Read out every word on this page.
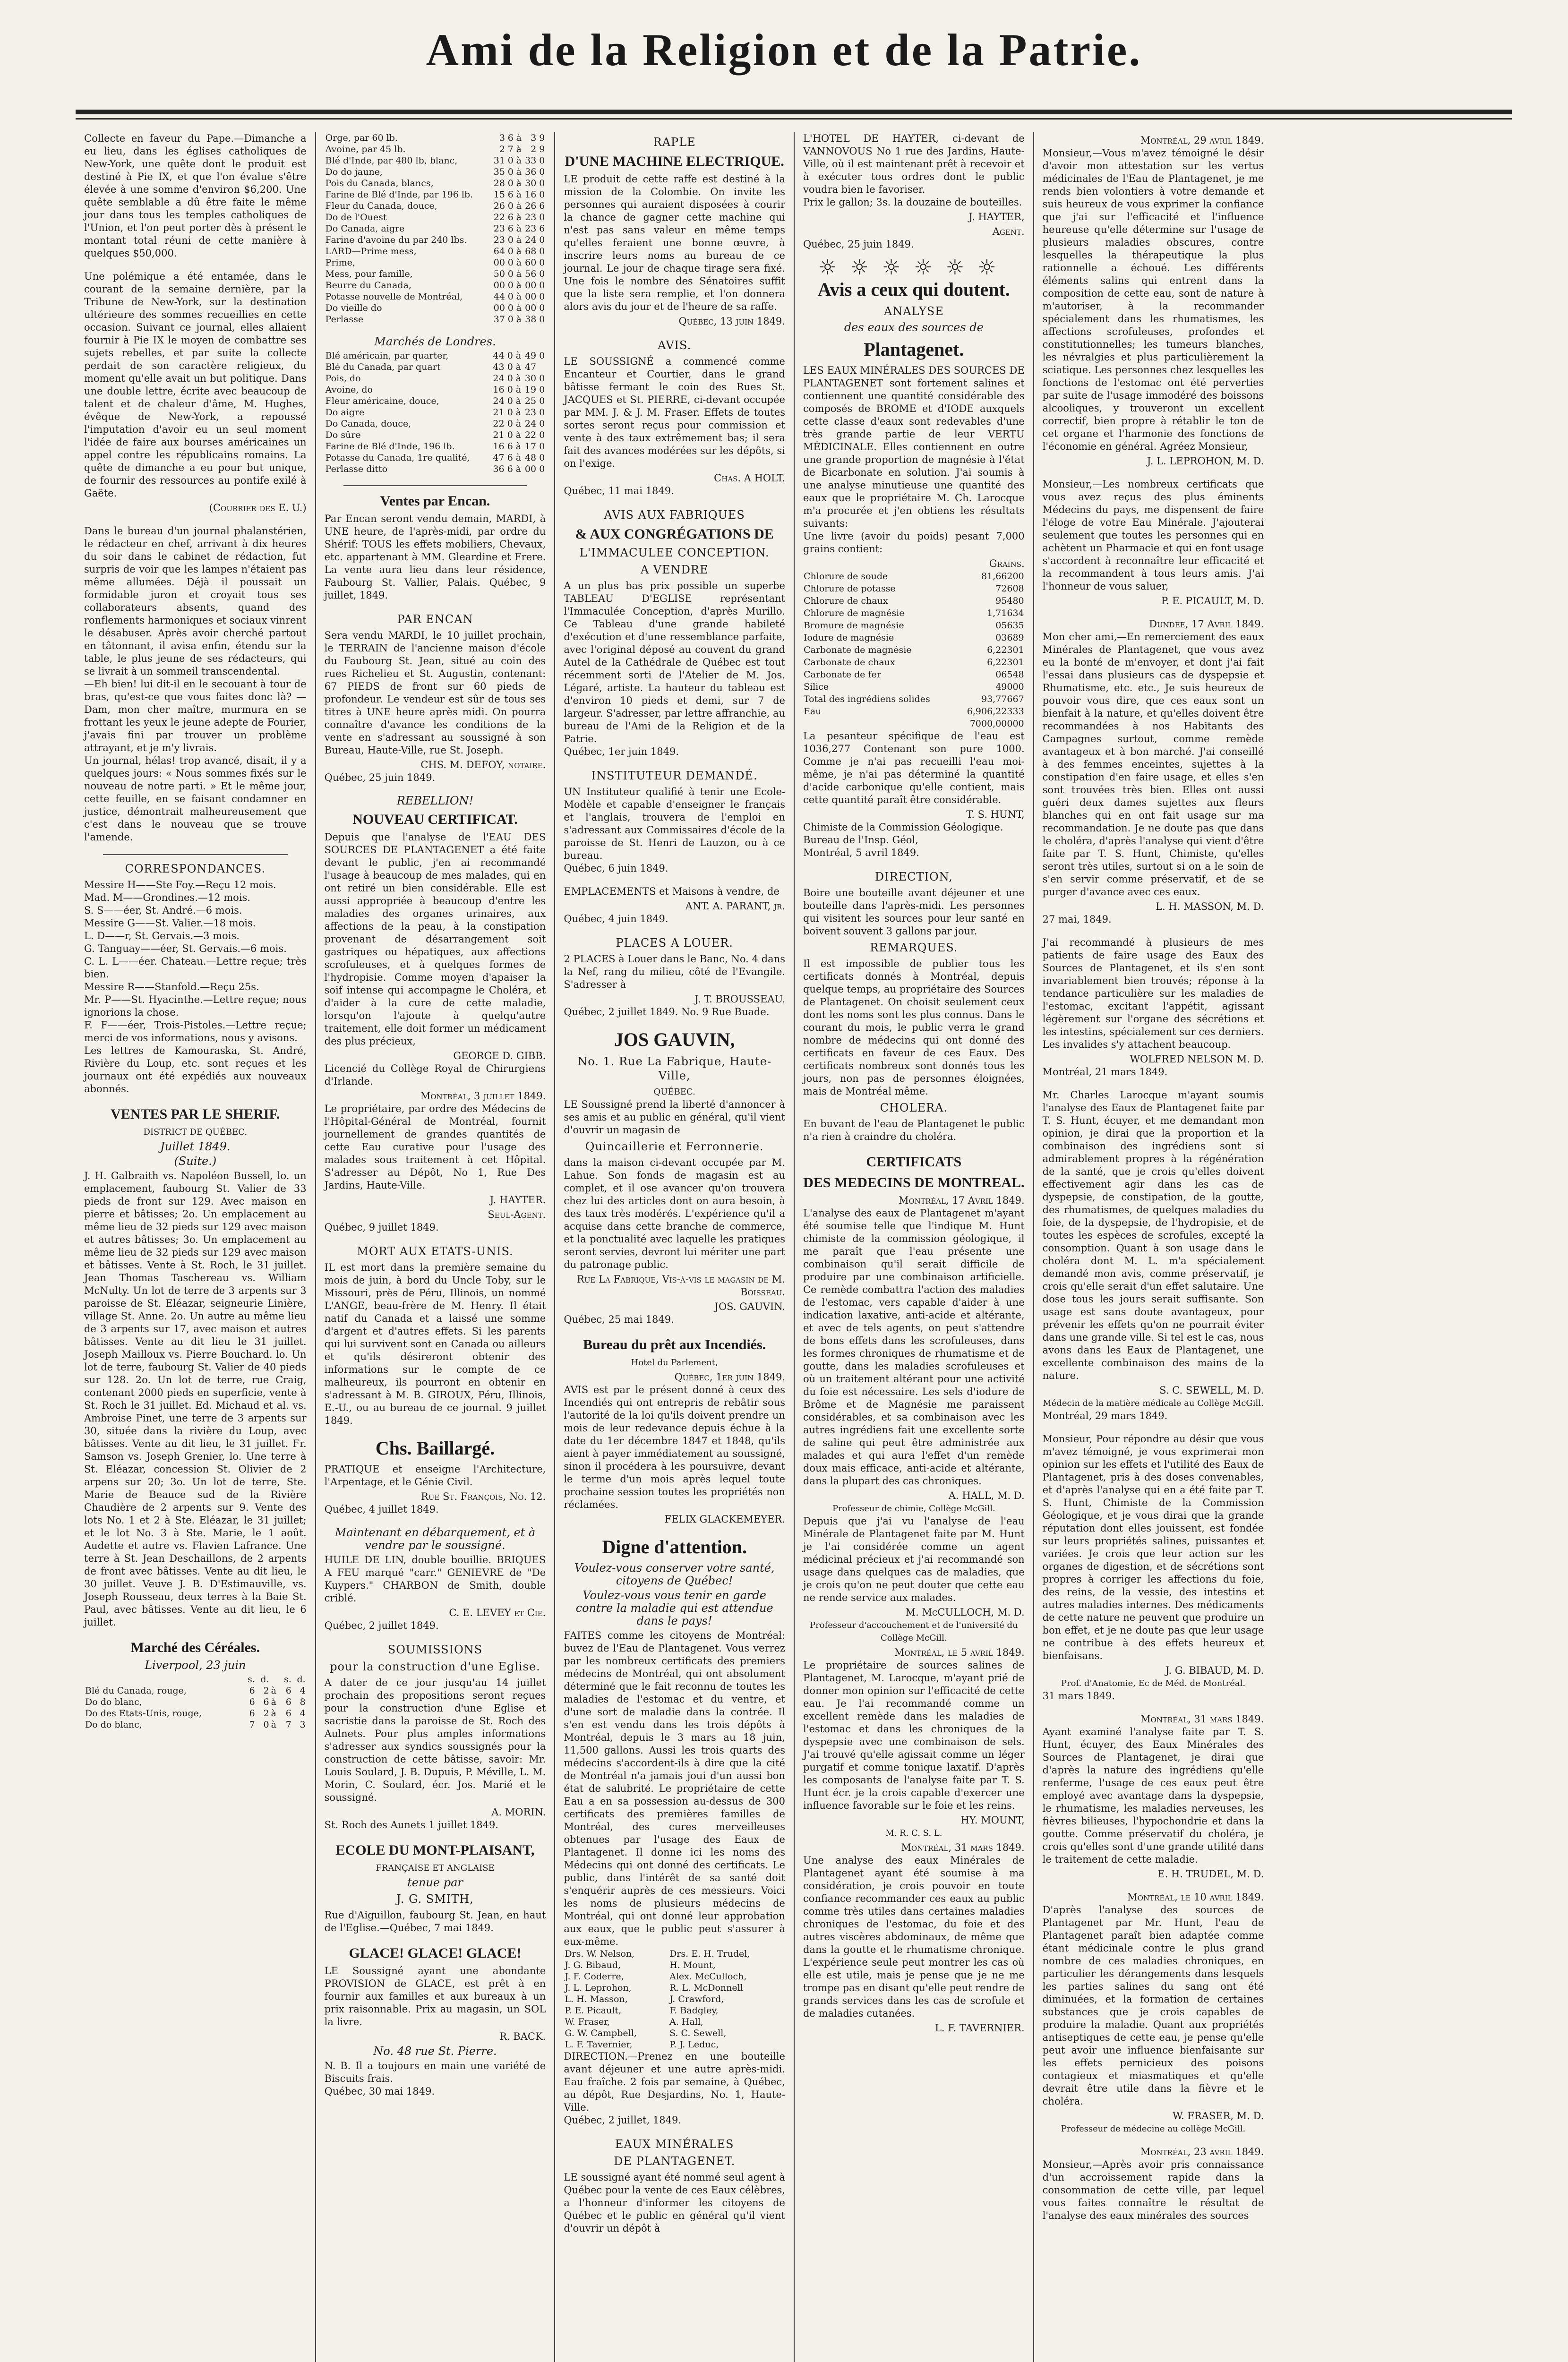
Ami de la Religion et de la Patrie.
Collecte en faveur du Pape.—Dimanche a eu lieu, dans les églises catholiques de New-York, une quête dont le produit est destiné à Pie IX, et que l'on évalue s'être élevée à une somme d'environ $6,200. Une quête semblable a dû être faite le même jour dans tous les temples catholiques de l'Union, et l'on peut porter dès à présent le montant total réuni de cette manière à quelques $50,000.
Une polémique a été entamée, dans le courant de la semaine dernière, par la Tribune de New-York, sur la destination ultérieure des sommes recueillies en cette occasion. Suivant ce journal, elles allaient fournir à Pie IX le moyen de combattre ses sujets rebelles, et par suite la collecte perdait de son caractère religieux, du moment qu'elle avait un but politique. Dans une double lettre, écrite avec beaucoup de talent et de chaleur d'âme, M. Hughes, évêque de New-York, a repoussé l'imputation d'avoir eu un seul moment l'idée de faire aux bourses américaines un appel contre les républicains romains. La quête de dimanche a eu pour but unique, de fournir des ressources au pontife exilé à Gaëte.
(Courrier des E. U.)
Dans le bureau d'un journal phalanstérien, le rédacteur en chef, arrivant à dix heures du soir dans le cabinet de rédaction, fut surpris de voir que les lampes n'étaient pas même allumées. Déjà il poussait un formidable juron et croyait tous ses collaborateurs absents, quand des ronflements harmoniques et sociaux vinrent le désabuser. Après avoir cherché partout en tâtonnant, il avisa enfin, étendu sur la table, le plus jeune de ses rédacteurs, qui se livrait à un sommeil transcendental.
—Eh bien! lui dit-il en le secouant à tour de bras, qu'est-ce que vous faites donc là? —Dam, mon cher maître, murmura en se frottant les yeux le jeune adepte de Fourier, j'avais fini par trouver un problème attrayant, et je m'y livrais.
Un journal, hélas! trop avancé, disait, il y a quelques jours: « Nous sommes fixés sur le nouveau de notre parti. » Et le même jour, cette feuille, en se faisant condamner en justice, démontrait malheureusement que c'est dans le nouveau que se trouve l'amende.
CORRESPONDANCES.
Messire H——Ste Foy.—Reçu 12 mois.
Mad. M——Grondines.—12 mois.
S. S——éer, St. André.—6 mois.
Messire G——St. Valier.—18 mois.
L. D——r, St. Gervais.—3 mois.
G. Tanguay——éer, St. Gervais.—6 mois.
C. L. L——éer. Chateau.—Lettre reçue; très bien.
Messire R——Stanfold.—Reçu 25s.
Mr. P——St. Hyacinthe.—Lettre reçue; nous ignorions la chose.
F. F——éer, Trois-Pistoles.—Lettre reçue; merci de vos informations, nous y avisons.
Les lettres de Kamouraska, St. André, Rivière du Loup, etc. sont reçues et les journaux ont été expédiés aux nouveaux abonnés.
VENTES PAR LE SHERIF.
DISTRICT DE QUÉBEC.
Juillet 1849.
(Suite.)
J. H. Galbraith vs. Napoléon Bussell, lo. un emplacement, faubourg St. Valier de 33 pieds de front sur 129. Avec maison en pierre et bâtisses; 2o. Un emplacement au même lieu de 32 pieds sur 129 avec maison et autres bâtisses; 3o. Un emplacement au même lieu de 32 pieds sur 129 avec maison et bâtisses. Vente à St. Roch, le 31 juillet. Jean Thomas Taschereau vs. William McNulty. Un lot de terre de 3 arpents sur 3 paroisse de St. Eléazar, seigneurie Linière, village St. Anne. 2o. Un autre au même lieu de 3 arpents sur 17, avec maison et autres bâtisses. Vente au dit lieu le 31 juillet. Joseph Mailloux vs. Pierre Bouchard. lo. Un lot de terre, faubourg St. Valier de 40 pieds sur 128. 2o. Un lot de terre, rue Craig, contenant 2000 pieds en superficie, vente à St. Roch le 31 juillet. Ed. Michaud et al. vs. Ambroise Pinet, une terre de 3 arpents sur 30, située dans la rivière du Loup, avec bâtisses. Vente au dit lieu, le 31 juillet. Fr. Samson vs. Joseph Grenier, lo. Une terre à St. Eléazar, concession St. Olivier de 2 arpens sur 20; 3o. Un lot de terre, Ste. Marie de Beauce sud de la Rivière Chaudière de 2 arpents sur 9. Vente des lots No. 1 et 2 à Ste. Eléazar, le 31 juillet; et le lot No. 3 à Ste. Marie, le 1 août. Audette et autre vs. Flavien Lafrance. Une terre à St. Jean Deschaillons, de 2 arpents de front avec bâtisses. Vente au dit lieu, le 30 juillet. Veuve J. B. D'Estimauville, vs. Joseph Rousseau, deux terres à la Baie St. Paul, avec bâtisses. Vente au dit lieu, le 6 juillet.
Marché des Céréales.
Liverpool, 23 juin
	s.	d.		s.	d.
Blé du Canada, rouge,	6	2	à	6	4
Do do blanc,	6	6	à	6	8
Do des Etats-Unis, rouge,	6	2	à	6	4
Do do blanc,	7	0	à	7	3
Orge, par 60 lb.	3	6	à	3	9
Avoine, par 45 lb.	2	7	à	2	9
Blé d'Inde, par 480 lb, blanc,	31	0	à	33	0
Do do jaune,	35	0	à	36	0
Pois du Canada, blancs,	28	0	à	30	0
Farine de Blé d'Inde, par 196 lb.	15	6	à	16	0
Fleur du Canada, douce,	26	0	à	26	6
Do de l'Ouest	22	6	à	23	0
Do Canada, aigre	23	6	à	23	6
Farine d'avoine du par 240 lbs.	23	0	à	24	0
LARD—Prime mess,	64	0	à	68	0
Prime,	00	0	à	60	0
Mess, pour famille,	50	0	à	56	0
Beurre du Canada,	00	0	à	00	0
Potasse nouvelle de Montréal,	44	0	à	00	0
Do vieille do	00	0	à	00	0
Perlasse	37	0	à	38	0
Marchés de Londres.
Blé américain, par quarter,	44	0	à	49	0
Blé du Canada, par quart	43	0	à	47	
Pois, do	24	0	à	30	0
Avoine, do	16	0	à	19	0
Fleur américaine, douce,	24	0	à	25	0
Do aigre	21	0	à	23	0
Do Canada, douce,	22	0	à	24	0
Do sûre	21	0	à	22	0
Farine de Blé d'Inde, 196 lb.	16	6	à	17	0
Potasse du Canada, 1re qualité,	47	6	à	48	0
Perlasse ditto	36	6	à	00	0
Ventes par Encan.
Par Encan seront vendu demain, MARDI, à UNE heure, de l'après-midi, par ordre du Shérif: TOUS les effets mobiliers, Chevaux, etc. appartenant à MM. Gleardine et Frere. La vente aura lieu dans leur résidence, Faubourg St. Vallier, Palais. Québec, 9 juillet, 1849.
PAR ENCAN
Sera vendu MARDI, le 10 juillet prochain, le TERRAIN de l'ancienne maison d'école du Faubourg St. Jean, situé au coin des rues Richelieu et St. Augustin, contenant: 67 PIEDS de front sur 60 pieds de profondeur. Le vendeur est sûr de tous ses titres à UNE heure après midi. On pourra connaître d'avance les conditions de la vente en s'adressant au soussigné à son Bureau, Haute-Ville, rue St. Joseph.
CHS. M. DEFOY, notaire.
Québec, 25 juin 1849.
REBELLION!
NOUVEAU CERTIFICAT.
Depuis que l'analyse de l'EAU DES SOURCES DE PLANTAGENET a été faite devant le public, j'en ai recommandé l'usage à beaucoup de mes malades, qui en ont retiré un bien considérable. Elle est aussi appropriée à beaucoup d'entre les maladies des organes urinaires, aux affections de la peau, à la constipation provenant de désarrangement soit gastriques ou hépatiques, aux affections scrofuleuses, et à quelques formes de l'hydropisie. Comme moyen d'apaiser la soif intense qui accompagne le Choléra, et d'aider à la cure de cette maladie, lorsqu'on l'ajoute à quelqu'autre traitement, elle doit former un médicament des plus précieux,
GEORGE D. GIBB.
Licencié du Collège Royal de Chirurgiens d'Irlande.
Montréal, 3 juillet 1849.
Le propriétaire, par ordre des Médecins de l'Hôpital-Général de Montréal, fournit journellement de grandes quantités de cette Eau curative pour l'usage des malades sous traitement à cet Hôpital. S'adresser au Dépôt, No 1, Rue Des Jardins, Haute-Ville.
J. HAYTER.
Seul-Agent.
Québec, 9 juillet 1849.
MORT AUX ETATS-UNIS.
IL est mort dans la première semaine du mois de juin, à bord du Uncle Toby, sur le Missouri, près de Péru, Illinois, un nommé L'ANGE, beau-frère de M. Henry. Il était natif du Canada et a laissé une somme d'argent et d'autres effets. Si les parents qui lui survivent sont en Canada ou ailleurs et qu'ils désireront obtenir des informations sur le compte de ce malheureux, ils pourront en obtenir en s'adressant à M. B. GIROUX, Péru, Illinois, E.-U., ou au bureau de ce journal. 9 juillet 1849.
Chs. Baillargé.
PRATIQUE et enseigne l'Architecture, l'Arpentage, et le Génie Civil.
Rue St. François, No. 12.
Québec, 4 juillet 1849.
Maintenant en débarquement, et à vendre par le soussigné.
HUILE DE LIN, double bouillie. BRIQUES A FEU marqué "carr." GENIEVRE de "De Kuypers." CHARBON de Smith, double criblé.
C. E. LEVEY et Cie.
Québec, 2 juillet 1849.
SOUMISSIONS
pour la construction d'une Eglise.
A dater de ce jour jusqu'au 14 juillet prochain des propositions seront reçues pour la construction d'une Eglise et sacristie dans la paroisse de St. Roch des Aulnets. Pour plus amples informations s'adresser aux syndics soussignés pour la construction de cette bâtisse, savoir: Mr. Louis Soulard, J. B. Dupuis, P. Méville, L. M. Morin, C. Soulard, écr. Jos. Marié et le soussigné.
A. MORIN.
St. Roch des Aunets 1 juillet 1849.
ECOLE DU MONT-PLAISANT,
FRANÇAISE ET ANGLAISE
tenue par
J. G. SMITH,
Rue d'Aiguillon, faubourg St. Jean, en haut de l'Eglise.—Québec, 7 mai 1849.
GLACE! GLACE! GLACE!
LE Soussigné ayant une abondante PROVISION de GLACE, est prêt à en fournir aux familles et aux bureaux à un prix raisonnable. Prix au magasin, un SOL la livre.
R. BACK.
No. 48 rue St. Pierre.
N. B. Il a toujours en main une variété de Biscuits frais.
Québec, 30 mai 1849.
RAPLE
D'UNE MACHINE ELECTRIQUE.
LE produit de cette raffe est destiné à la mission de la Colombie. On invite les personnes qui auraient disposées à courir la chance de gagner cette machine qui n'est pas sans valeur en même temps qu'elles feraient une bonne œuvre, à inscrire leurs noms au bureau de ce journal. Le jour de chaque tirage sera fixé. Une fois le nombre des Sénatoires suffit que la liste sera remplie, et l'on donnera alors avis du jour et de l'heure de sa raffe.
Québec, 13 juin 1849.
AVIS.
LE SOUSSIGNÉ a commencé comme Encanteur et Courtier, dans le grand bâtisse fermant le coin des Rues St. JACQUES et St. PIERRE, ci-devant occupée par MM. J. & J. M. Fraser. Effets de toutes sortes seront reçus pour commission et vente à des taux extrêmement bas; il sera fait des avances modérées sur les dépôts, si on l'exige.
Chas. A HOLT.
Québec, 11 mai 1849.
AVIS AUX FABRIQUES
& AUX CONGRÉGATIONS DE
L'IMMACULEE CONCEPTION.
A VENDRE
A un plus bas prix possible un superbe TABLEAU D'EGLISE représentant l'Immaculée Conception, d'après Murillo. Ce Tableau d'une grande habileté d'exécution et d'une ressemblance parfaite, avec l'original déposé au couvent du grand Autel de la Cathédrale de Québec est tout récemment sorti de l'Atelier de M. Jos. Légaré, artiste. La hauteur du tableau est d'environ 10 pieds et demi, sur 7 de largeur. S'adresser, par lettre affranchie, au bureau de l'Ami de la Religion et de la Patrie.
Québec, 1er juin 1849.
INSTITUTEUR DEMANDÉ.
UN Instituteur qualifié à tenir une Ecole-Modèle et capable d'enseigner le français et l'anglais, trouvera de l'emploi en s'adressant aux Commissaires d'école de la paroisse de St. Henri de Lauzon, ou à ce bureau.
Québec, 6 juin 1849.
EMPLACEMENTS et Maisons à vendre, de
ANT. A. PARANT, jr.
Québec, 4 juin 1849.
PLACES A LOUER.
2 PLACES à Louer dans le Banc, No. 4 dans la Nef, rang du milieu, côté de l'Evangile. S'adresser à
J. T. BROUSSEAU.
Québec, 2 juillet 1849. No. 9 Rue Buade.
JOS GAUVIN,
No. 1. Rue La Fabrique, Haute-Ville,
QUÉBEC.
LE Soussigné prend la liberté d'annoncer à ses amis et au public en général, qu'il vient d'ouvrir un magasin de
Quincaillerie et Ferronnerie.
dans la maison ci-devant occupée par M. Lahue. Son fonds de magasin est au complet, et il ose avancer qu'on trouvera chez lui des articles dont on aura besoin, à des taux très modérés. L'expérience qu'il a acquise dans cette branche de commerce, et la ponctualité avec laquelle les pratiques seront servies, devront lui mériter une part du patronage public.
Rue La Fabrique, Vis-à-vis le magasin de M. Boisseau.
JOS. GAUVIN.
Québec, 25 mai 1849.
Bureau du prêt aux Incendiés.
Hotel du Parlement,
Québec, 1er juin 1849.
AVIS est par le présent donné à ceux des Incendiés qui ont entrepris de rebâtir sous l'autorité de la loi qu'ils doivent prendre un mois de leur redevance depuis échue à la date du 1er décembre 1847 et 1848, qu'ils aient à payer immédiatement au soussigné, sinon il procédera à les poursuivre, devant le terme d'un mois après lequel toute prochaine session toutes les propriétés non réclamées.
FELIX GLACKEMEYER.
Digne d'attention.
Voulez-vous conserver votre santé, citoyens de Québec!
Voulez-vous vous tenir en garde contre la maladie qui est attendue dans le pays!
FAITES comme les citoyens de Montréal: buvez de l'Eau de Plantagenet. Vous verrez par les nombreux certificats des premiers médecins de Montréal, qui ont absolument déterminé que le fait reconnu de toutes les maladies de l'estomac et du ventre, et d'une sort de maladie dans la contrée. Il s'en est vendu dans les trois dépôts à Montréal, depuis le 3 mars au 18 juin, 11,500 gallons. Aussi les trois quarts des médecins s'accordent-ils à dire que la cité de Montréal n'a jamais joui d'un aussi bon état de salubrité. Le propriétaire de cette Eau a en sa possession au-dessus de 300 certificats des premières familles de Montréal, des cures merveilleuses obtenues par l'usage des Eaux de Plantagenet. Il donne ici les noms des Médecins qui ont donné des certificats. Le public, dans l'intérêt de sa santé doit s'enquérir auprès de ces messieurs. Voici les noms de plusieurs médecins de Montréal, qui ont donné leur approbation aux eaux, que le public peut s'assurer à eux-même.
Drs. W. Nelson,	Drs. E. H. Trudel,
J. G. Bibaud,	H. Mount,
J. F. Coderre,	Alex. McCulloch,
J. L. Leprohon,	R. L. McDonnell
L. H. Masson,	J. Crawford,
P. E. Picault,	F. Badgley,
W. Fraser,	A. Hall,
G. W. Campbell,	S. C. Sewell,
L. F. Tavernier,	P. J. Leduc,
DIRECTION.—Prenez en une bouteille avant déjeuner et une autre après-midi. Eau fraîche. 2 fois par semaine, à Québec, au dépôt, Rue Desjardins, No. 1, Haute-Ville.
Québec, 2 juillet, 1849.
EAUX MINÉRALES
DE PLANTAGENET.
LE soussigné ayant été nommé seul agent à Québec pour la vente de ces Eaux célèbres, a l'honneur d'informer les citoyens de Québec et le public en général qu'il vient d'ouvrir un dépôt à
L'HOTEL DE HAYTER, ci-devant de VANNOVOUS No 1 rue des Jardins, Haute-Ville, où il est maintenant prêt à recevoir et à exécuter tous ordres dont le public voudra bien le favoriser.
Prix le gallon; 3s. la douzaine de bouteilles.
J. HAYTER,
Agent.
Québec, 25 juin 1849.
☼☼☼☼☼☼
Avis a ceux qui doutent.
ANALYSE
des eaux des sources de
Plantagenet.
LES EAUX MINÉRALES DES SOURCES DE PLANTAGENET sont fortement salines et contiennent une quantité considérable des composés de BROME et d'IODE auxquels cette classe d'eaux sont redevables d'une très grande partie de leur VERTU MÉDICINALE. Elles contiennent en outre une grande proportion de magnésie à l'état de Bicarbonate en solution. J'ai soumis à une analyse minutieuse une quantité des eaux que le propriétaire M. Ch. Larocque m'a procurée et j'en obtiens les résultats suivants:
Une livre (avoir du poids) pesant 7,000 grains contient:
Grains.
Chlorure de soude	81,66200
Chlorure de potasse	72608
Chlorure de chaux	95480
Chlorure de magnésie	1,71634
Bromure de magnésie	05635
Iodure de magnésie	03689
Carbonate de magnésie	6,22301
Carbonate de chaux	6,22301
Carbonate de fer	06548
Silice	49000
Total des ingrédiens solides	93,77667
Eau	6,906,22333
	7000,00000
La pesanteur spécifique de l'eau est 1036,277 Contenant son pure 1000. Comme je n'ai pas recueilli l'eau moi-même, je n'ai pas déterminé la quantité d'acide carbonique qu'elle contient, mais cette quantité paraît être considérable.
T. S. HUNT,
Chimiste de la Commission Géologique.
Bureau de l'Insp. Géol,
Montréal, 5 avril 1849.
DIRECTION,
Boire une bouteille avant déjeuner et une bouteille dans l'après-midi. Les personnes qui visitent les sources pour leur santé en boivent souvent 3 gallons par jour.
REMARQUES.
Il est impossible de publier tous les certificats donnés à Montréal, depuis quelque temps, au propriétaire des Sources de Plantagenet. On choisit seulement ceux dont les noms sont les plus connus. Dans le courant du mois, le public verra le grand nombre de médecins qui ont donné des certificats en faveur de ces Eaux. Des certificats nombreux sont donnés tous les jours, non pas de personnes éloignées, mais de Montréal même.
CHOLERA.
En buvant de l'eau de Plantagenet le public n'a rien à craindre du choléra.
CERTIFICATS
DES MEDECINS DE MONTREAL.
Montréal, 17 Avril 1849.
L'analyse des eaux de Plantagenet m'ayant été soumise telle que l'indique M. Hunt chimiste de la commission géologique, il me paraît que l'eau présente une combinaison qu'il serait difficile de produire par une combinaison artificielle. Ce remède combattra l'action des maladies de l'estomac, vers capable d'aider à une indication laxative, anti-acide et altérante, et avec de tels agents, on peut s'attendre de bons effets dans les scrofuleuses, dans les formes chroniques de rhumatisme et de goutte, dans les maladies scrofuleuses et où un traitement altérant pour une activité du foie est nécessaire. Les sels d'iodure de Brôme et de Magnésie me paraissent considérables, et sa combinaison avec les autres ingrédiens fait une excellente sorte de saline qui peut être administrée aux malades et qui aura l'effet d'un remède doux mais efficace, anti-acide et altérante, dans la plupart des cas chroniques.
A. HALL, M. D.
Professeur de chimie, Collège McGill.
Depuis que j'ai vu l'analyse de l'eau Minérale de Plantagenet faite par M. Hunt je l'ai considérée comme un agent médicinal précieux et j'ai recommandé son usage dans quelques cas de maladies, que je crois qu'on ne peut douter que cette eau ne rende service aux malades.
M. McCULLOCH, M. D.
Professeur d'accouchement et de l'université du Collège McGill.
Montréal, le 5 avril 1849.
Le propriétaire de sources salines de Plantagenet, M. Larocque, m'ayant prié de donner mon opinion sur l'efficacité de cette eau. Je l'ai recommandé comme un excellent remède dans les maladies de l'estomac et dans les chroniques de la dyspepsie avec une combinaison de sels. J'ai trouvé qu'elle agissait comme un léger purgatif et comme tonique laxatif. D'après les composants de l'analyse faite par T. S. Hunt écr. je la crois capable d'exercer une influence favorable sur le foie et les reins.
HY. MOUNT,
M. R. C. S. L.
Montréal, 31 mars 1849.
Une analyse des eaux Minérales de Plantagenet ayant été soumise à ma considération, je crois pouvoir en toute confiance recommander ces eaux au public comme très utiles dans certaines maladies chroniques de l'estomac, du foie et des autres viscères abdominaux, de même que dans la goutte et le rhumatisme chronique. L'expérience seule peut montrer les cas où elle est utile, mais je pense que je ne me trompe pas en disant qu'elle peut rendre de grands services dans les cas de scrofule et de maladies cutanées.
L. F. TAVERNIER.
Montréal, 29 avril 1849.
Monsieur,—Vous m'avez témoigné le désir d'avoir mon attestation sur les vertus médicinales de l'Eau de Plantagenet, je me rends bien volontiers à votre demande et suis heureux de vous exprimer la confiance que j'ai sur l'efficacité et l'influence heureuse qu'elle détermine sur l'usage de plusieurs maladies obscures, contre lesquelles la thérapeutique la plus rationnelle a échoué. Les différents éléments salins qui entrent dans la composition de cette eau, sont de nature à m'autoriser, à la recommander spécialement dans les rhumatismes, les affections scrofuleuses, profondes et constitutionnelles; les tumeurs blanches, les névralgies et plus particulièrement la sciatique. Les personnes chez lesquelles les fonctions de l'estomac ont été perverties par suite de l'usage immodéré des boissons alcooliques, y trouveront un excellent correctif, bien propre à rétablir le ton de cet organe et l'harmonie des fonctions de l'économie en général. Agréez Monsieur,
J. L. LEPROHON, M. D.
Monsieur,—Les nombreux certificats que vous avez reçus des plus éminents Médecins du pays, me dispensent de faire l'éloge de votre Eau Minérale. J'ajouterai seulement que toutes les personnes qui en achètent un Pharmacie et qui en font usage s'accordent à reconnaître leur efficacité et la recommandent à tous leurs amis. J'ai l'honneur de vous saluer,
P. E. PICAULT, M. D.
Dundee, 17 Avril 1849.
Mon cher ami,—En remerciement des eaux Minérales de Plantagenet, que vous avez eu la bonté de m'envoyer, et dont j'ai fait l'essai dans plusieurs cas de dyspepsie et Rhumatisme, etc. etc., Je suis heureux de pouvoir vous dire, que ces eaux sont un bienfait à la nature, et qu'elles doivent être recommandées à nos Habitants des Campagnes surtout, comme remède avantageux et à bon marché. J'ai conseillé à des femmes enceintes, sujettes à la constipation d'en faire usage, et elles s'en sont trouvées très bien. Elles ont aussi guéri deux dames sujettes aux fleurs blanches qui en ont fait usage sur ma recommandation. Je ne doute pas que dans le choléra, d'après l'analyse qui vient d'être faite par T. S. Hunt, Chimiste, qu'elles seront très utiles, surtout si on a le soin de s'en servir comme préservatif, et de se purger d'avance avec ces eaux.
L. H. MASSON, M. D.
27 mai, 1849.
J'ai recommandé à plusieurs de mes patients de faire usage des Eaux des Sources de Plantagenet, et ils s'en sont invariablement bien trouvés; réponse à la tendance particulière sur les maladies de l'estomac, excitant l'appétit, agissant légèrement sur l'organe des sécrétions et les intestins, spécialement sur ces derniers. Les invalides s'y attachent beaucoup.
WOLFRED NELSON M. D.
Montréal, 21 mars 1849.
Mr. Charles Larocque m'ayant soumis l'analyse des Eaux de Plantagenet faite par T. S. Hunt, écuyer, et me demandant mon opinion, je dirai que la proportion et la combinaison des ingrédiens sont si admirablement propres à la régénération de la santé, que je crois qu'elles doivent effectivement agir dans les cas de dyspepsie, de constipation, de la goutte, des rhumatismes, de quelques maladies du foie, de la dyspepsie, de l'hydropisie, et de toutes les espèces de scrofules, excepté la consomption. Quant à son usage dans le choléra dont M. L. m'a spécialement demandé mon avis, comme préservatif, je crois qu'elle serait d'un effet salutaire. Une dose tous les jours serait suffisante. Son usage est sans doute avantageux, pour prévenir les effets qu'on ne pourrait éviter dans une grande ville. Si tel est le cas, nous avons dans les Eaux de Plantagenet, une excellente combinaison des mains de la nature.
S. C. SEWELL, M. D.
Médecin de la matière médicale au Collège McGill.
Montréal, 29 mars 1849.
Monsieur, Pour répondre au désir que vous m'avez témoigné, je vous exprimerai mon opinion sur les effets et l'utilité des Eaux de Plantagenet, pris à des doses convenables, et d'après l'analyse qui en a été faite par T. S. Hunt, Chimiste de la Commission Géologique, et je vous dirai que la grande réputation dont elles jouissent, est fondée sur leurs propriétés salines, puissantes et variées. Je crois que leur action sur les organes de digestion, et de sécrétions sont propres à corriger les affections du foie, des reins, de la vessie, des intestins et autres maladies internes. Des médicaments de cette nature ne peuvent que produire un bon effet, et je ne doute pas que leur usage ne contribue à des effets heureux et bienfaisans.
J. G. BIBAUD, M. D.
Prof. d'Anatomie, Ec de Méd. de Montréal.
31 mars 1849.
Montréal, 31 mars 1849.
Ayant examiné l'analyse faite par T. S. Hunt, écuyer, des Eaux Minérales des Sources de Plantagenet, je dirai que d'après la nature des ingrédiens qu'elle renferme, l'usage de ces eaux peut être employé avec avantage dans la dyspepsie, le rhumatisme, les maladies nerveuses, les fièvres bilieuses, l'hypochondrie et dans la goutte. Comme préservatif du choléra, je crois qu'elles sont d'une grande utilité dans le traitement de cette maladie.
E. H. TRUDEL, M. D.
Montréal, le 10 avril 1849.
D'après l'analyse des sources de Plantagenet par Mr. Hunt, l'eau de Plantagenet paraît bien adaptée comme étant médicinale contre le plus grand nombre de ces maladies chroniques, en particulier les dérangements dans lesquels les parties salines du sang ont été diminuées, et la formation de certaines substances que je crois capables de produire la maladie. Quant aux propriétés antiseptiques de cette eau, je pense qu'elle peut avoir une influence bienfaisante sur les effets pernicieux des poisons contagieux et miasmatiques et qu'elle devrait être utile dans la fièvre et le choléra.
W. FRASER, M. D.
Professeur de médecine au collège McGill.
Montréal, 23 avril 1849.
Monsieur,—Après avoir pris connaissance d'un accroissement rapide dans la consommation de cette ville, par lequel vous faites connaître le résultat de l'analyse des eaux minérales des sources
